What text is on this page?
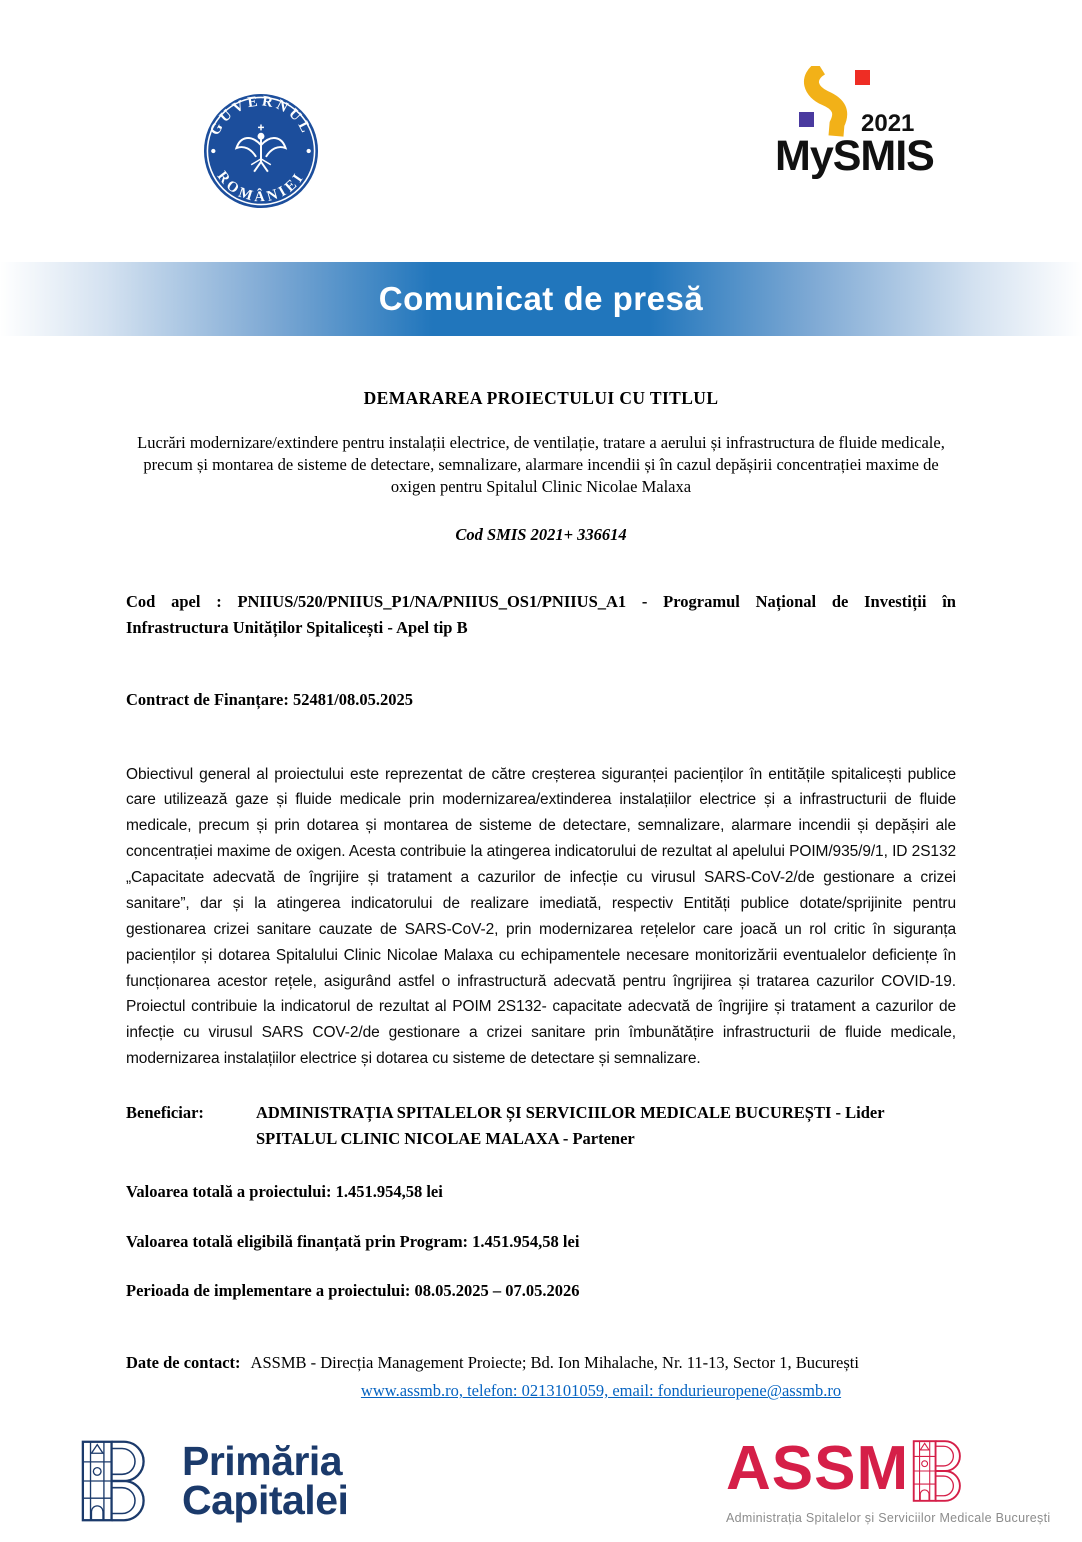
GUVERNUL
ROMÂNIEI
2021
MySMIS
Comunicat de presă
DEMARAREA PROIECTULUI CU TITLUL

Lucrări modernizare/extindere pentru instalații electrice, de ventilație, tratare a aerului și infrastructura de fluide medicale, precum și montarea de sisteme de detectare, semnalizare, alarmare incendii și în cazul depășirii concentrației maxime de oxigen pentru Spitalul Clinic Nicolae Malaxa

Cod SMIS 2021+ 336614

Cod apel : PNIIUS/520/PNIIUS_P1/NA/PNIIUS_OS1/PNIIUS_A1 - Programul Național de Investiții în Infrastructura Unităților Spitalicești - Apel tip B

Contract de Finanțare: 52481/08.05.2025

Obiectivul general al proiectului este reprezentat de către creșterea siguranței pacienților în entitățile spitalicești publice care utilizează gaze și fluide medicale prin modernizarea/extinderea instalațiilor electrice și a infrastructurii de fluide medicale, precum și prin dotarea și montarea de sisteme de detectare, semnalizare, alarmare incendii și depășiri ale concentrației maxime de oxigen. Acesta contribuie la atingerea indicatorului de rezultat al apelului POIM/935/9/1, ID 2S132 „Capacitate adecvată de îngrijire și tratament a cazurilor de infecție cu virusul SARS-CoV-2/de gestionare a crizei sanitare”, dar și la atingerea indicatorului de realizare imediată, respectiv Entități publice dotate/sprijinite pentru gestionarea crizei sanitare cauzate de SARS-CoV-2, prin modernizarea rețelelor care joacă un rol critic în siguranța pacienților și dotarea Spitalului Clinic Nicolae Malaxa cu echipamentele necesare monitorizării eventualelor deficiențe în funcționarea acestor rețele, asigurând astfel o infrastructură adecvată pentru îngrijirea și tratarea cazurilor COVID-19. Proiectul contribuie la indicatorul de rezultat al POIM 2S132- capacitate adecvată de îngrijire și tratament a cazurilor de infecție cu virusul SARS COV-2/de gestionare a crizei sanitare prin îmbunătățire infrastructurii de fluide medicale, modernizarea instalațiilor electrice și dotarea cu sisteme de detectare și semnalizare.

Beneficiar:	ADMINISTRAȚIA SPITALELOR ȘI SERVICIILOR MEDICALE BUCUREȘTI - Lider
SPITALUL CLINIC NICOLAE MALAXA - Partener

Valoarea totală a proiectului: 1.451.954,58 lei

Valoarea totală eligibilă finanțată prin Program: 1.451.954,58 lei

Perioada de implementare a proiectului: 08.05.2025 – 07.05.2026

Date de contact: ASSMB - Direcția Management Proiecte; Bd. Ion Mihalache, Nr. 11-13, Sector 1, București
www.assmb.ro, telefon: 0213101059, email: fondurieuropene@assmb.ro
Primăria
Capitalei	ASSM
Administrația Spitalelor și Serviciilor Medicale București
